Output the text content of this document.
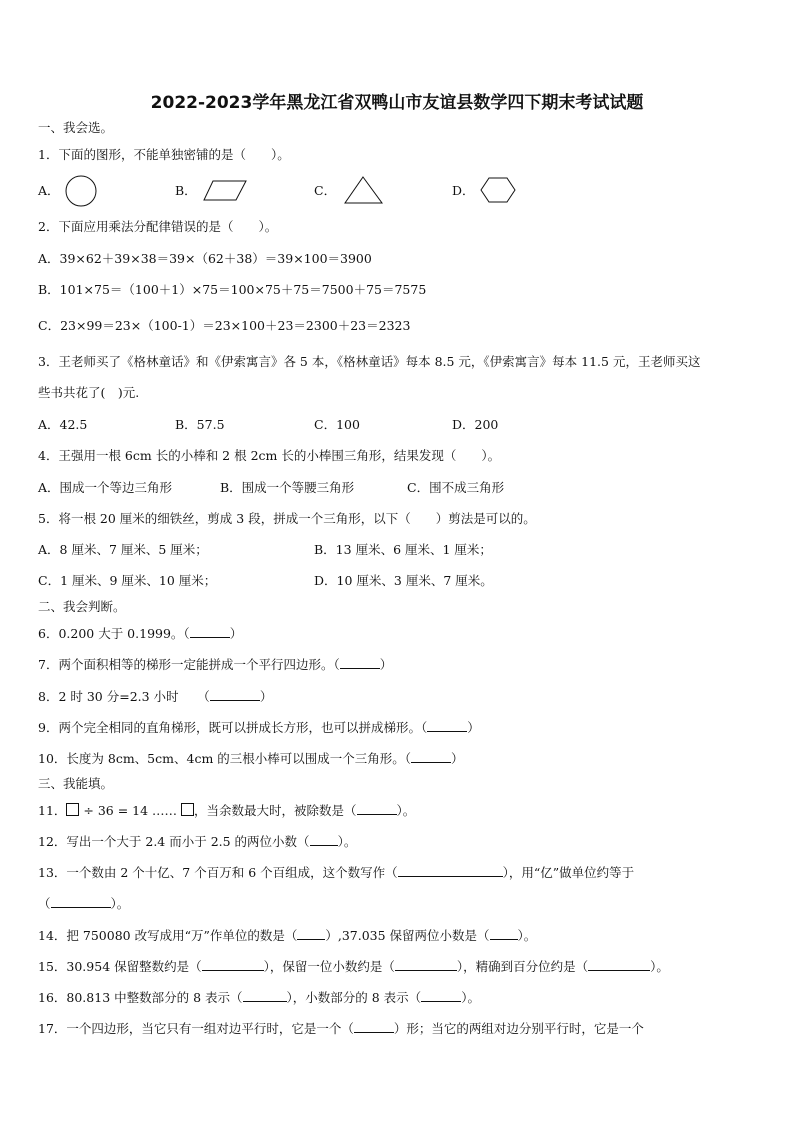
2022-2023学年黑龙江省双鸭山市友谊县数学四下期末考试试题
一、我会选。
1．下面的图形，不能单独密铺的是（　　）。
A．	B．	C．	D．
2．下面应用乘法分配律错误的是（　　）。
A．39×62＋39×38＝39×（62＋38）＝39×100＝3900
B．101×75＝（100＋1）×75＝100×75＋75＝7500＋75＝7575
C．23×99＝23×（100-1）＝23×100＋23＝2300＋23＝2323
3．王老师买了《格林童话》和《伊索寓言》各 5 本，《格林童话》每本 8.5 元，《伊索寓言》每本 11.5 元，王老师买这
些书共花了(　)元.
A．42.5	B．57.5	C．100	D．200
4．王强用一根 6cm 长的小棒和 2 根 2cm 长的小棒围三角形，结果发现（　　）。
A．围成一个等边三角形	B．围成一个等腰三角形	C．围不成三角形
5．将一根 20 厘米的细铁丝，剪成 3 段，拼成一个三角形，以下（　　）剪法是可以的。
A．8 厘米、7 厘米、5 厘米；	B．13 厘米、6 厘米、1 厘米；
C．1 厘米、9 厘米、10 厘米；	D．10 厘米、3 厘米、7 厘米。
二、我会判断。
6．0.200 大于 0.1999。（	）
7．两个面积相等的梯形一定能拼成一个平行四边形。（	）
8．2 时 30 分=2.3 小时　　（	）
9．两个完全相同的直角梯形，既可以拼成长方形，也可以拼成梯形。（	）
10．长度为 8cm、5cm、4cm 的三根小棒可以围成一个三角形。（	）
三、我能填。
11． ÷ 36 = 14 …… ，当余数最大时，被除数是（	）。
12．写出一个大于 2.4 而小于 2.5 的两位小数（ ）。
13．一个数由 2 个十亿、7 个百万和 6 个百组成，这个数写作（	），用“亿”做单位约等于
（	）。
14．把 750080 改写成用“万”作单位的数是（ ）,37.035 保留两位小数是（ ）。
15．30.954 保留整数约是（	），保留一位小数约是（	），精确到百分位约是（	）。
16．80.813 中整数部分的 8 表示（	），小数部分的 8 表示（	）。
17．一个四边形，当它只有一组对边平行时，它是一个（	）形；当它的两组对边分别平行时，它是一个
